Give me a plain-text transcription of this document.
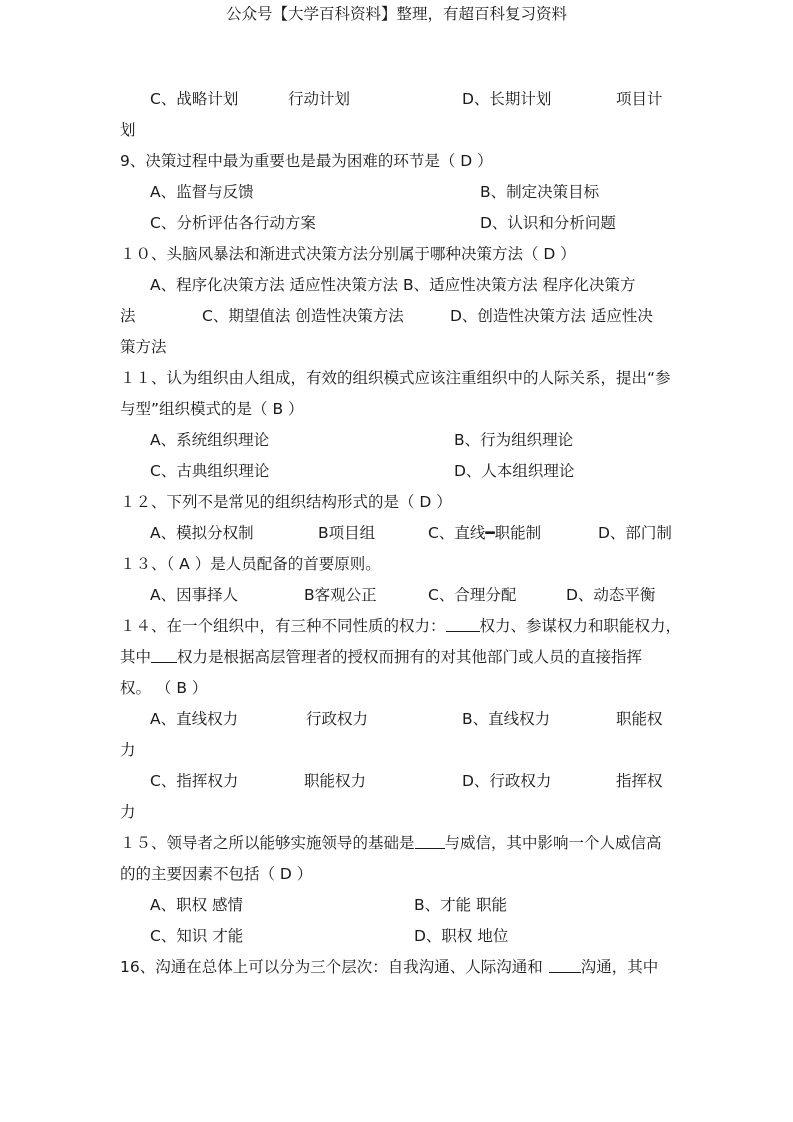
公众号【大学百科资料】整理，有超百科复习资料
C、战略计划	行动计划	D、长期计划	项目计
划
9、决策过程中最为重要也是最为困难的环节是（ D ）
A、监督与反馈	B、制定决策目标
C、分析评估各行动方案	D、认识和分析问题
１０、头脑风暴法和渐进式决策方法分别属于哪种决策方法（ D ）
A、程序化决策方法 适应性决策方法 B、适应性决策方法 程序化决策方
法	C、期望值法 创造性决策方法	D、创造性决策方法 适应性决
策方法
１１、认为组织由人组成，有效的组织模式应该注重组织中的人际关系，提出“参
与型”组织模式的是（ B ）
A、系统组织理论	B、行为组织理论
C、古典组织理论	D、人本组织理论
１２、下列不是常见的组织结构形式的是（ D ）
A、模拟分权制	B项目组	C、直线━职能制	D、部门制
１３、（ A ）是人员配备的首要原则。
A、因事择人	B客观公正	C、合理分配	D、动态平衡
１４、在一个组织中，有三种不同性质的权力： 权力、参谋权力和职能权力，
其中 权力是根据高层管理者的授权而拥有的对其他部门或人员的直接指挥
权。 （ B ）
A、直线权力	行政权力	B、直线权力	职能权
力
C、指挥权力	职能权力	D、行政权力	指挥权
力
１５、领导者之所以能够实施领导的基础是 与威信，其中影响一个人威信高
的的主要因素不包括（ D ）
A、职权 感情	B、才能 职能
C、知识 才能	D、职权 地位
16、沟通在总体上可以分为三个层次：自我沟通、人际沟通和 沟通，其中
